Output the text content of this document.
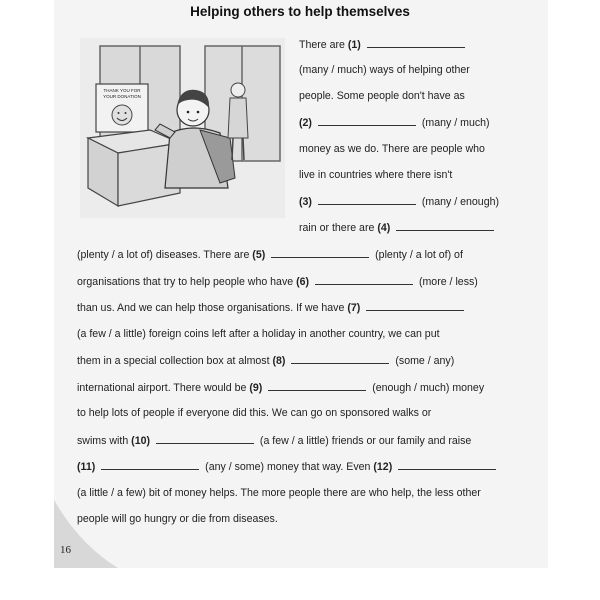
Helping others to help themselves
THANK YOU FOR
YOUR DONATION
There are (1)
(many / much) ways of helping other
people. Some people don't have as
(2)	(many / much)
money as we do. There are people who
live in countries where there isn't
(3)	(many / enough)
rain or there are (4)
(plenty / a lot of) diseases. There are (5)	(plenty / a lot of) of
organisations that try to help people who have (6)	(more / less)
than us. And we can help those organisations. If we have (7)
(a few / a little) foreign coins left after a holiday in another country, we can put
them in a special collection box at almost (8)	(some / any)
international airport. There would be (9)	(enough / much) money
to help lots of people if everyone did this. We can go on sponsored walks or
swims with (10)	(a few / a little) friends or our family and raise
(11)	(any / some) money that way. Even (12)
(a little / a few) bit of money helps. The more people there are who help, the less other
people will go hungry or die from diseases.
16
